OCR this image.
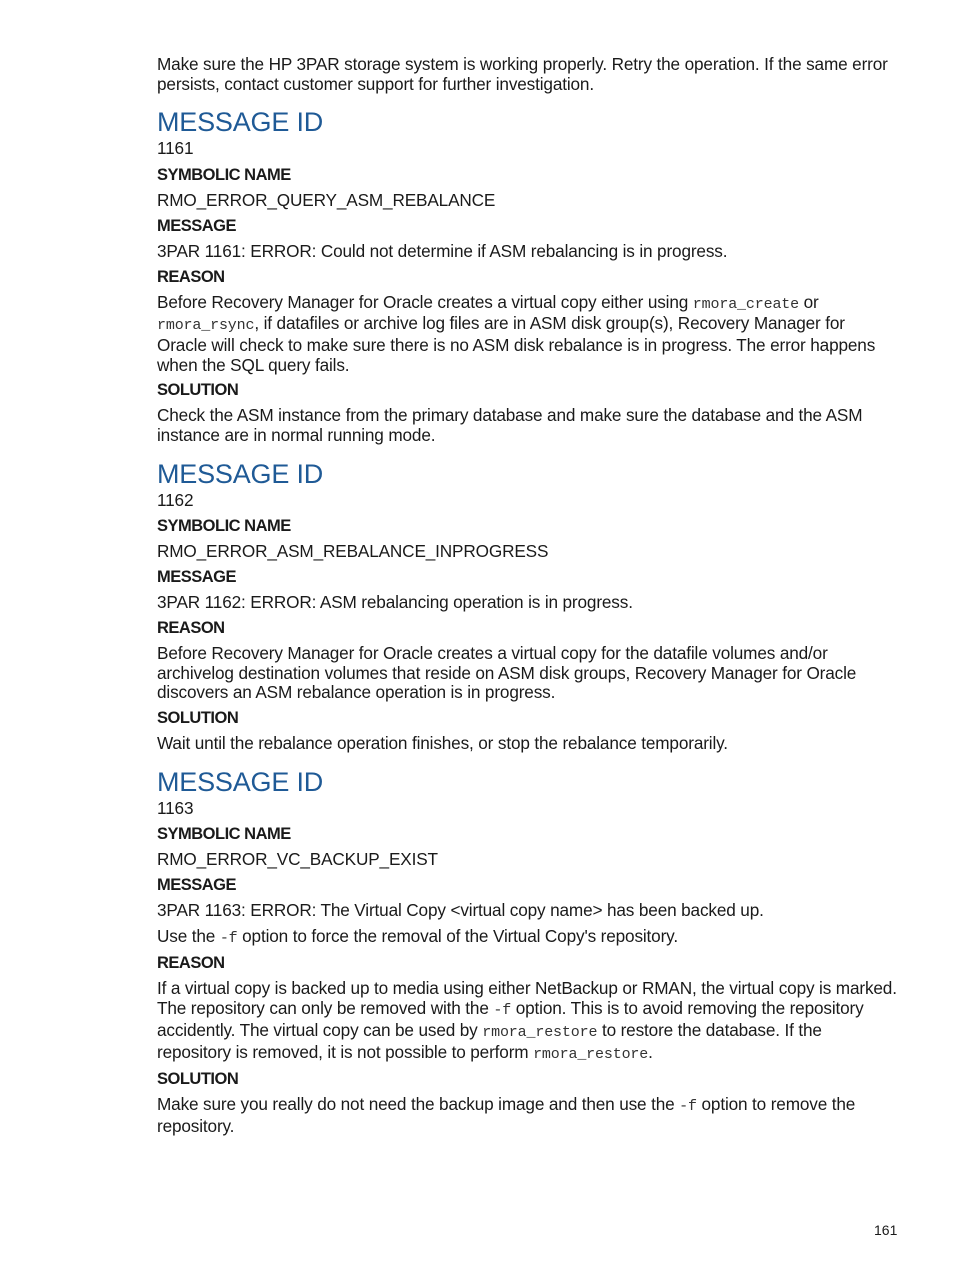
Make sure the HP 3PAR storage system is working properly. Retry the operation. If the same error persists, contact customer support for further investigation.

MESSAGE ID

1161

SYMBOLIC NAME

RMO_ERROR_QUERY_ASM_REBALANCE

MESSAGE

3PAR 1161: ERROR: Could not determine if ASM rebalancing is in progress.

REASON

Before Recovery Manager for Oracle creates a virtual copy either using rmora_create or rmora_rsync, if datafiles or archive log files are in ASM disk group(s), Recovery Manager for Oracle will check to make sure there is no ASM disk rebalance is in progress. The error happens when the SQL query fails.

SOLUTION

Check the ASM instance from the primary database and make sure the database and the ASM instance are in normal running mode.

MESSAGE ID

1162

SYMBOLIC NAME

RMO_ERROR_ASM_REBALANCE_INPROGRESS

MESSAGE

3PAR 1162: ERROR: ASM rebalancing operation is in progress.

REASON

Before Recovery Manager for Oracle creates a virtual copy for the datafile volumes and/or archivelog destination volumes that reside on ASM disk groups, Recovery Manager for Oracle discovers an ASM rebalance operation is in progress.

SOLUTION

Wait until the rebalance operation finishes, or stop the rebalance temporarily.

MESSAGE ID

1163

SYMBOLIC NAME

RMO_ERROR_VC_BACKUP_EXIST

MESSAGE

3PAR 1163: ERROR: The Virtual Copy <virtual copy name> has been backed up.

Use the -f option to force the removal of the Virtual Copy's repository.

REASON

If a virtual copy is backed up to media using either NetBackup or RMAN, the virtual copy is marked. The repository can only be removed with the -f option. This is to avoid removing the repository accidently. The virtual copy can be used by rmora_restore to restore the database. If the repository is removed, it is not possible to perform rmora_restore.

SOLUTION

Make sure you really do not need the backup image and then use the -f option to remove the repository.

161
